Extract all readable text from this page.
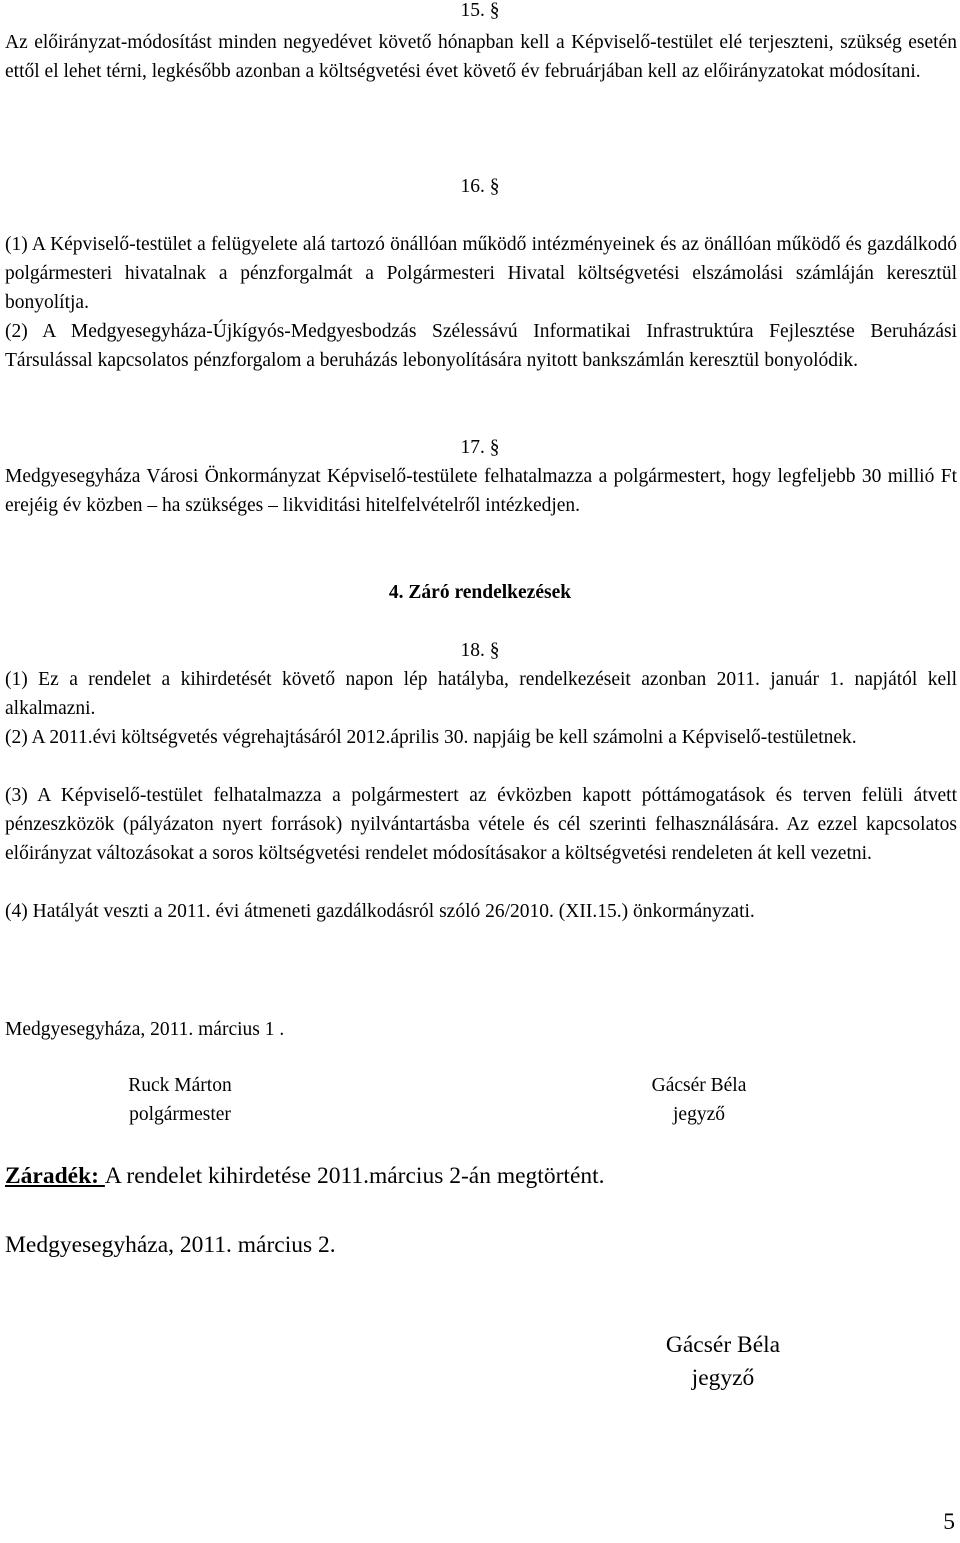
15. §

Az előirányzat-módosítást minden negyedévet követő hónapban kell a Képviselő-testület elé terjeszteni, szükség esetén ettől el lehet térni, legkésőbb azonban a költségvetési évet követő év februárjában kell az előirányzatokat módosítani.

16. §

(1) A Képviselő-testület a felügyelete alá tartozó önállóan működő intézményeinek és az önállóan működő és gazdálkodó polgármesteri hivatalnak a pénzforgalmát a Polgármesteri Hivatal költségvetési elszámolási számláján keresztül bonyolítja.

(2) A Medgyesegyháza-Újkígyós-Medgyesbodzás Szélessávú Informatikai Infrastruktúra Fejlesztése Beruházási Társulással kapcsolatos pénzforgalom a beruházás lebonyolítására nyitott bankszámlán keresztül bonyolódik.

17. §

Medgyesegyháza Városi Önkormányzat Képviselő-testülete felhatalmazza a polgármestert, hogy legfeljebb 30 millió Ft erejéig év közben – ha szükséges – likviditási hitelfelvételről intézkedjen.

4. Záró rendelkezések
18. §

(1) Ez a rendelet a kihirdetését követő napon lép hatályba, rendelkezéseit azonban 2011. január 1. napjától kell alkalmazni.

(2) A 2011.évi költségvetés végrehajtásáról 2012.április 30. napjáig be kell számolni a Képviselő-testületnek.

(3) A Képviselő-testület felhatalmazza a polgármestert az évközben kapott póttámogatások és terven felüli átvett pénzeszközök (pályázaton nyert források) nyilvántartásba vétele és cél szerinti felhasználására. Az ezzel kapcsolatos előirányzat változásokat a soros költségvetési rendelet módosításakor a költségvetési rendeleten át kell vezetni.

(4) Hatályát veszti a 2011. évi átmeneti gazdálkodásról szóló 26/2010. (XII.15.) önkormányzati.

Medgyesegyháza, 2011. március 1 .
Ruck Márton
polgármester
Gácsér Béla
jegyző
Záradék: A rendelet kihirdetése 2011.március 2-án megtörtént.
Medgyesegyháza, 2011. március 2.
Gácsér Béla
jegyző
5
